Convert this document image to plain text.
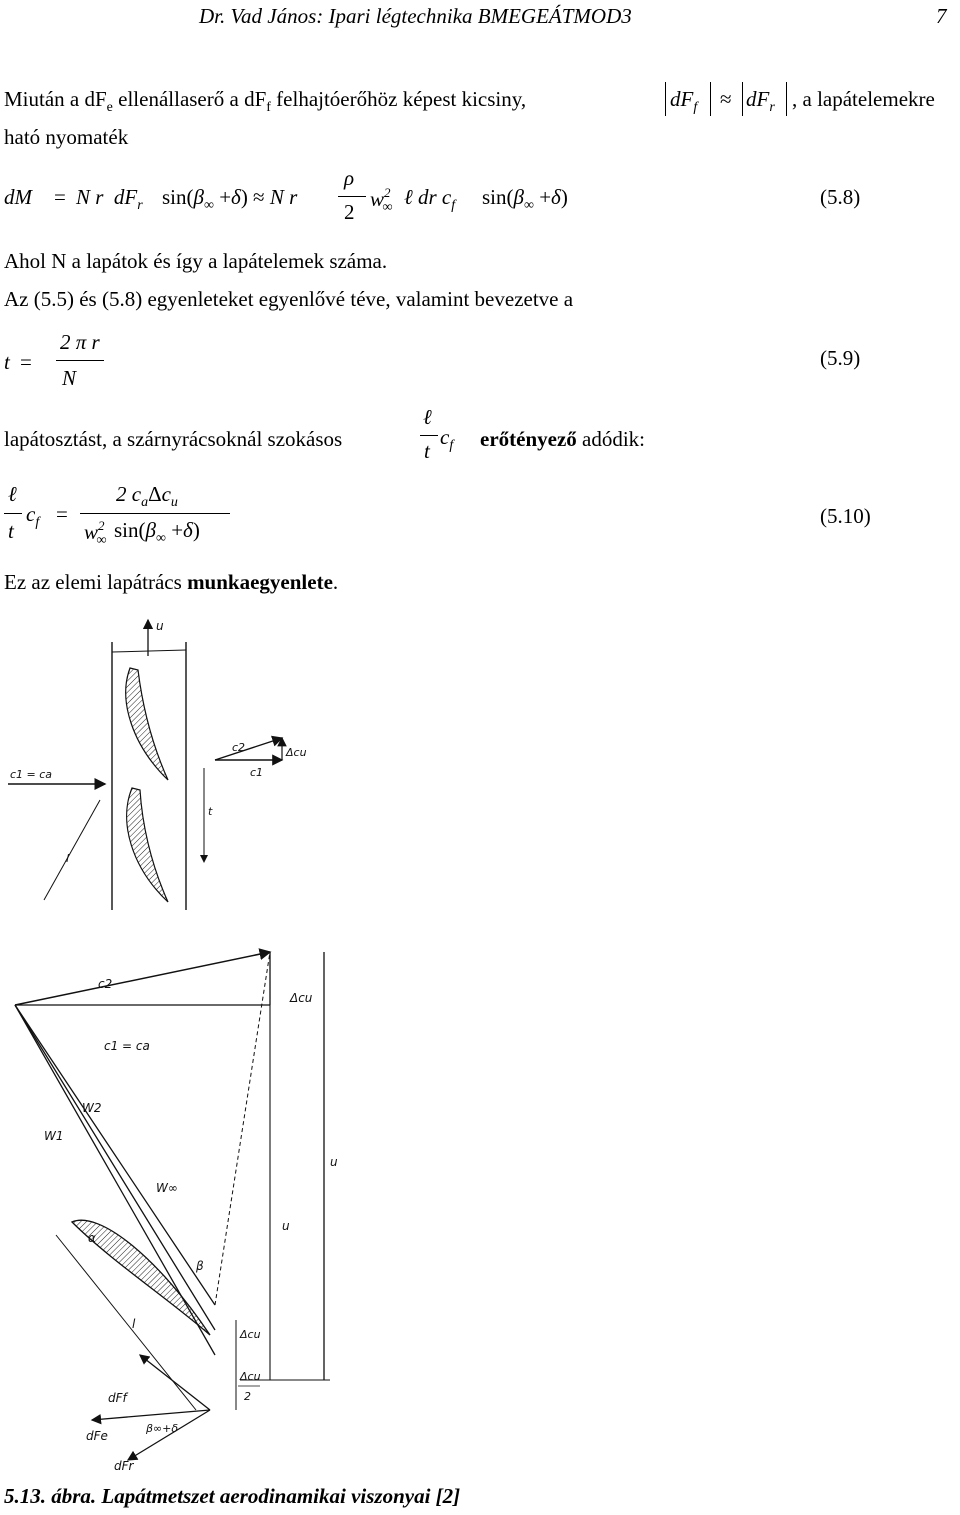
Dr. Vad János: Ipari légtechnika BMEGEÁTMOD3	7
Miután a $dF_e$ ellenállaserő a $dF_f$ felhajtóerőhöz képest kicsiny,	$dF_f \approx dF_r$ , a lapátelemekre
ható nyomaték
dM = N r  $dF_r$ $\sin(\beta_\infty +\delta) \approx N$ r
ρ
2
$w^2_\infty$ ℓ dr $c_f$ $\sin(\beta_\infty +\delta)$	(5.8)
Ahol N a lapátok és így a lapátelemek száma.
Az (5.5) és (5.8) egyenleteket egyenlővé téve, valamint bevezetve a
t =
2 π r
N
(5.9)
lapátosztást, a szárnyrácsoknál szokásos
ℓ
t
$c_f$ erőtényező adódik:
ℓ
t
$c_f$ =
2 $c_a\Delta c_u$
$w^2_\infty$ $\sin(\beta_\infty +\delta)$
(5.10)
Ez az elemi lapátrács munkaegyenlete.
u
c1 = ca
c2	Δcu
c1
t
l
c2
c1 = ca
Δcu
u
u
W2
W1
W∞
β
l
Δcu
Δcu
2
dFf
β∞+δ
dFe
dFr
5.13. ábra. Lapátmetszet aerodinamikai viszonyai [2]
